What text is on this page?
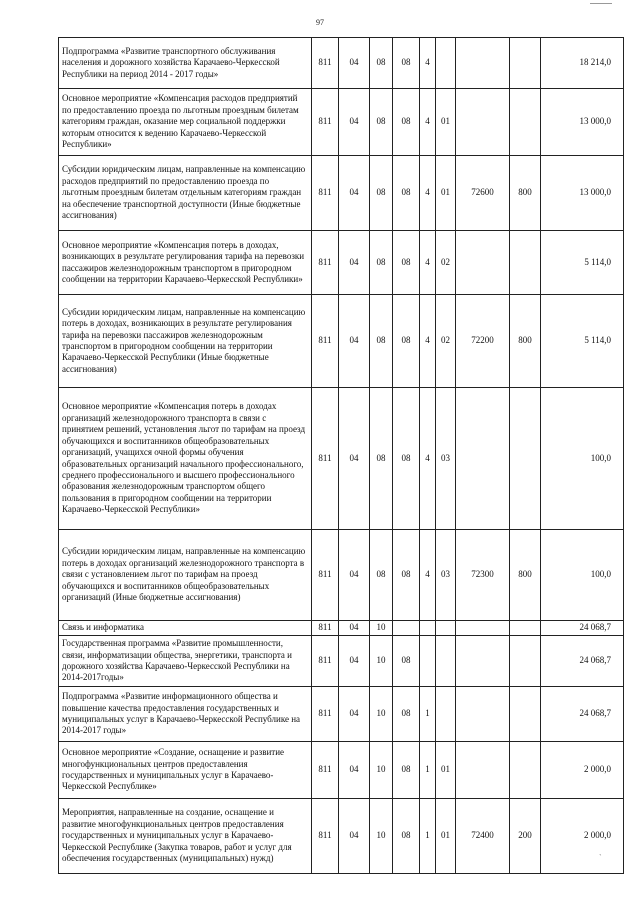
97
Подпрограмма «Развитие транспортного обслуживания населения и дорожного хозяйства Карачаево-Черкесской Республики на период 2014 - 2017 годы»	811	04	08	08	4				18 214,0
Основное мероприятие «Компенсация расходов предприятий по предоставлению проезда по льготным проездным билетам категориям граждан, оказание мер социальной поддержки которым относится к ведению Карачаево-Черкесской Республики»	811	04	08	08	4	01			13 000,0
Субсидии юридическим лицам, направленные на компенсацию расходов предприятий по предоставлению проезда по льготным проездным билетам отдельным категориям граждан на обеспечение транспортной доступности (Иные бюджетные ассигнования)	811	04	08	08	4	01	72600	800	13 000,0
Основное мероприятие «Компенсация потерь в доходах, возникающих в результате регулирования тарифа на перевозки пассажиров железнодорожным транспортом в пригородном сообщении на территории Карачаево-Черкесской Республики»	811	04	08	08	4	02			5 114,0
Субсидии юридическим лицам, направленные на компенсацию потерь в доходах, возникающих в результате регулирования тарифа на перевозки пассажиров железнодорожным транспортом в пригородном сообщении на территории Карачаево-Черкесской Республики (Иные бюджетные ассигнования)	811	04	08	08	4	02	72200	800	5 114,0
Основное мероприятие «Компенсация потерь в доходах организаций железнодорожного транспорта в связи с принятием решений, установления льгот по тарифам на проезд обучающихся и воспитанников общеобразовательных организаций, учащихся очной формы обучения образовательных организаций начального профессионального, среднего профессионального и высшего профессионального образования железнодорожным транспортом общего пользования в пригородном сообщении на территории Карачаево-Черкесской Республики»	811	04	08	08	4	03			100,0
Субсидии юридическим лицам, направленные на компенсацию потерь в доходах организаций железнодорожного транспорта в связи с установлением льгот по тарифам на проезд обучающихся и воспитанников общеобразовательных организаций (Иные бюджетные ассигнования)	811	04	08	08	4	03	72300	800	100,0
Связь и информатика	811	04	10						24 068,7
Государственная программа «Развитие промышленности, связи, информатизации общества, энергетики, транспорта и дорожного хозяйства Карачаево-Черкесской Республики на 2014-2017годы»	811	04	10	08					24 068,7
Подпрограмма «Развитие информационного общества и повышение качества предоставления государственных и муниципальных услуг в Карачаево-Черкесской Республике на 2014-2017 годы»	811	04	10	08	1				24 068,7
Основное мероприятие «Создание, оснащение и развитие многофункциональных центров предоставления государственных и муниципальных услуг в Карачаево-Черкесской Республике»	811	04	10	08	1	01			2 000,0
Мероприятия, направленные на создание, оснащение и развитие многофункциональных центров предоставления государственных и муниципальных услуг в Карачаево-Черкесской Республике (Закупка товаров, работ и услуг для обеспечения государственных (муниципальных) нужд)	811	04	10	08	1	01	72400	200	2 000,0
`
